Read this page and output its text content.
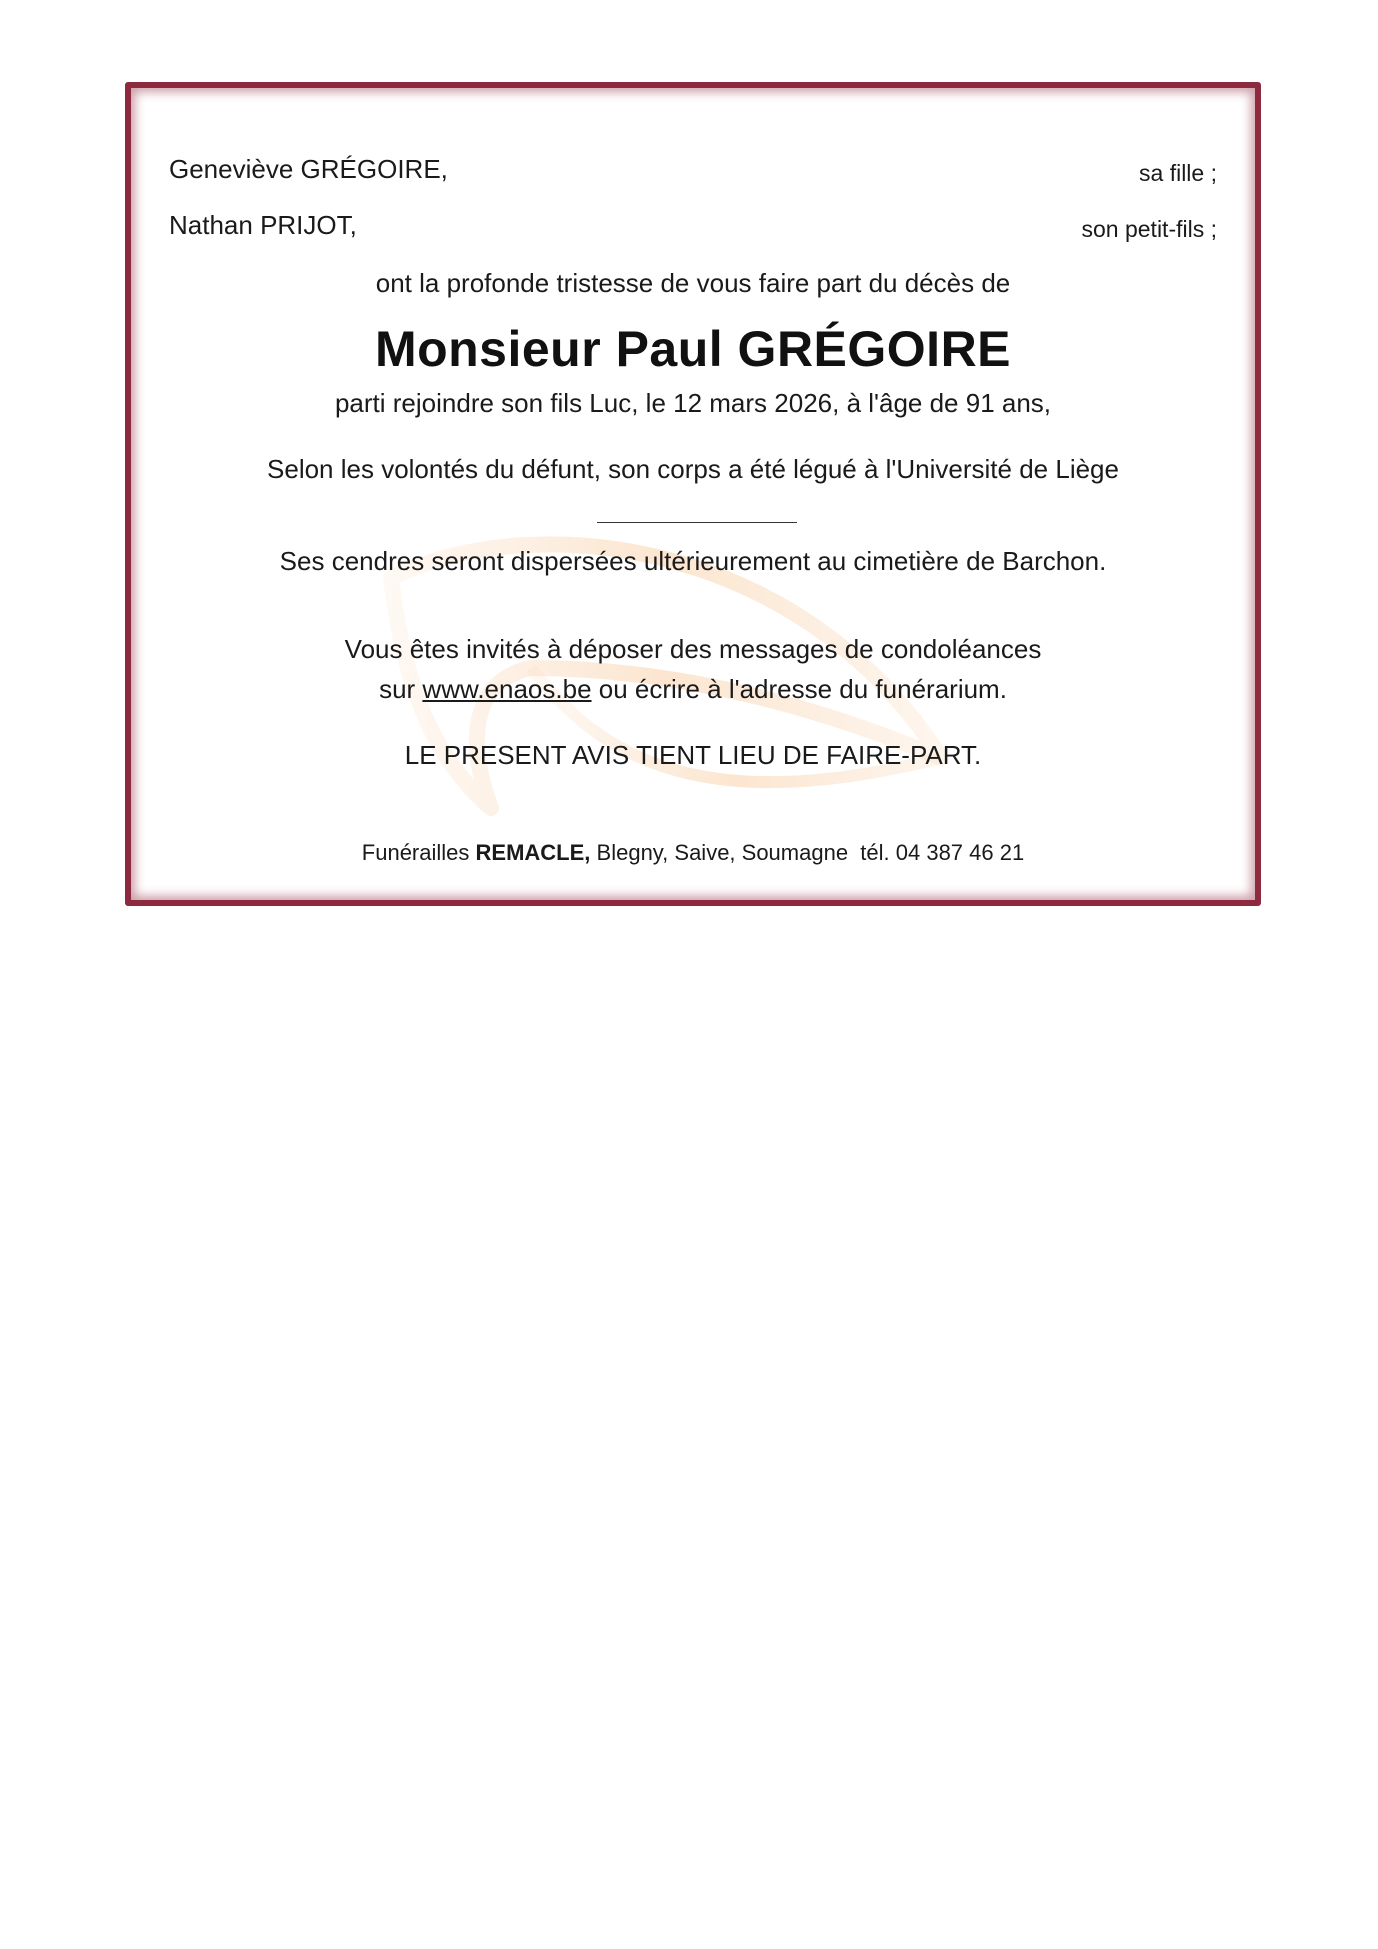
Geneviève GRÉGOIRE,	sa fille ;
Nathan PRIJOT,	son petit-fils ;
ont la profonde tristesse de vous faire part du décès de
Monsieur Paul GRÉGOIRE
parti rejoindre son fils Luc, le 12 mars 2026, à l'âge de 91 ans,
Selon les volontés du défunt, son corps a été légué à l'Université de Liège
Ses cendres seront dispersées ultérieurement au cimetière de Barchon.
Vous êtes invités à déposer des messages de condoléances
sur www.enaos.be ou écrire à l'adresse du funérarium.
LE PRESENT AVIS TIENT LIEU DE FAIRE-PART.
Funérailles REMACLE, Blegny, Saive, Soumagne tél. 04 387 46 21
